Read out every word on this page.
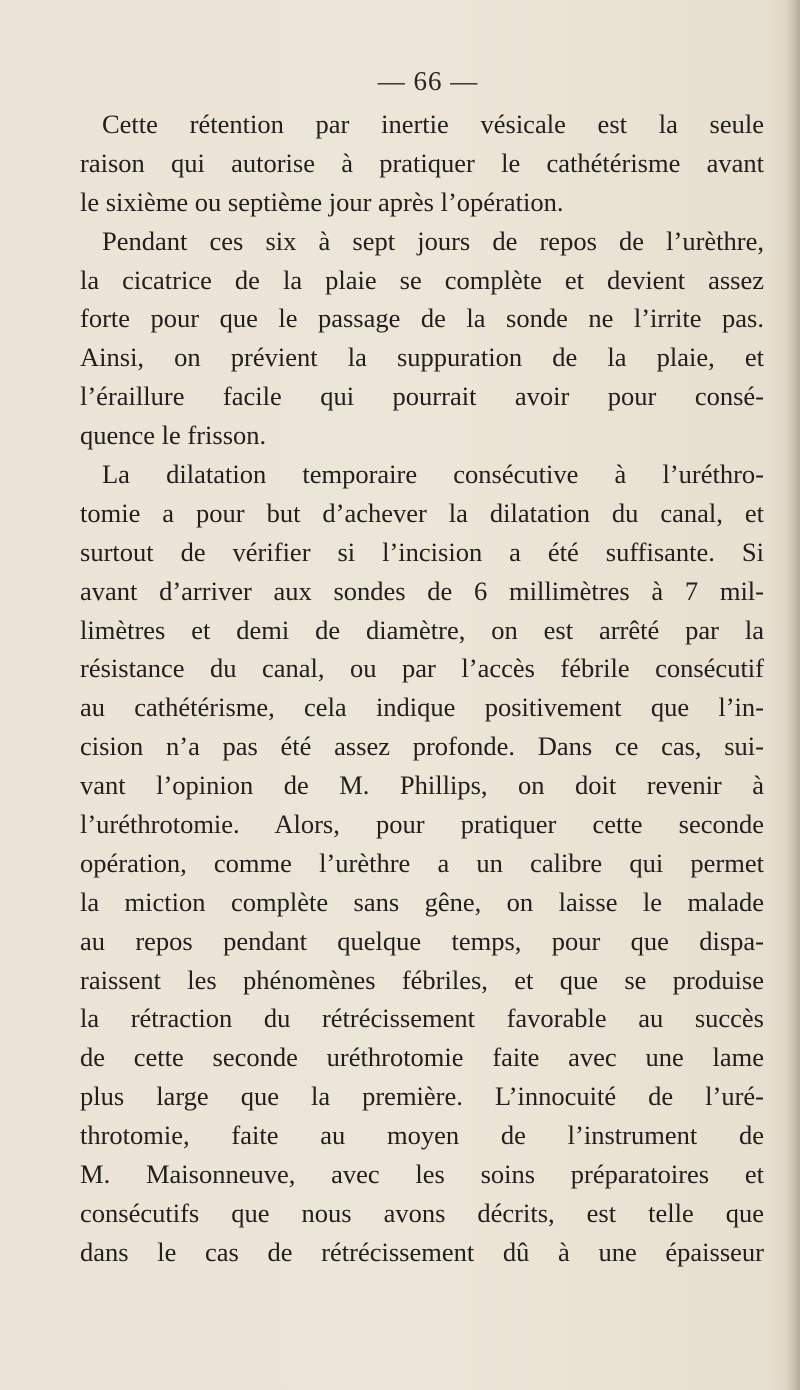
— 66 —
Cette rétention par inertie vésicale est la seule
raison qui autorise à pratiquer le cathétérisme avant
le sixième ou septième jour après l’opération.
Pendant ces six à sept jours de repos de l’urèthre,
la cicatrice de la plaie se complète et devient assez
forte pour que le passage de la sonde ne l’irrite pas.
Ainsi, on prévient la suppuration de la plaie, et
l’éraillure facile qui pourrait avoir pour consé-
quence le frisson.
La dilatation temporaire consécutive à l’uréthro-
tomie a pour but d’achever la dilatation du canal, et
surtout de vérifier si l’incision a été suffisante. Si
avant d’arriver aux sondes de 6 millimètres à 7 mil-
limètres et demi de diamètre, on est arrêté par la
résistance du canal, ou par l’accès fébrile consécutif
au cathétérisme, cela indique positivement que l’in-
cision n’a pas été assez profonde. Dans ce cas, sui-
vant l’opinion de M. Phillips, on doit revenir à
l’uréthrotomie. Alors, pour pratiquer cette seconde
opération, comme l’urèthre a un calibre qui permet
la miction complète sans gêne, on laisse le malade
au repos pendant quelque temps, pour que dispa-
raissent les phénomènes fébriles, et que se produise
la rétraction du rétrécissement favorable au succès
de cette seconde uréthrotomie faite avec une lame
plus large que la première. L’innocuité de l’uré-
throtomie, faite au moyen de l’instrument de
M. Maisonneuve, avec les soins préparatoires et
consécutifs que nous avons décrits, est telle que
dans le cas de rétrécissement dû à une épaisseur
